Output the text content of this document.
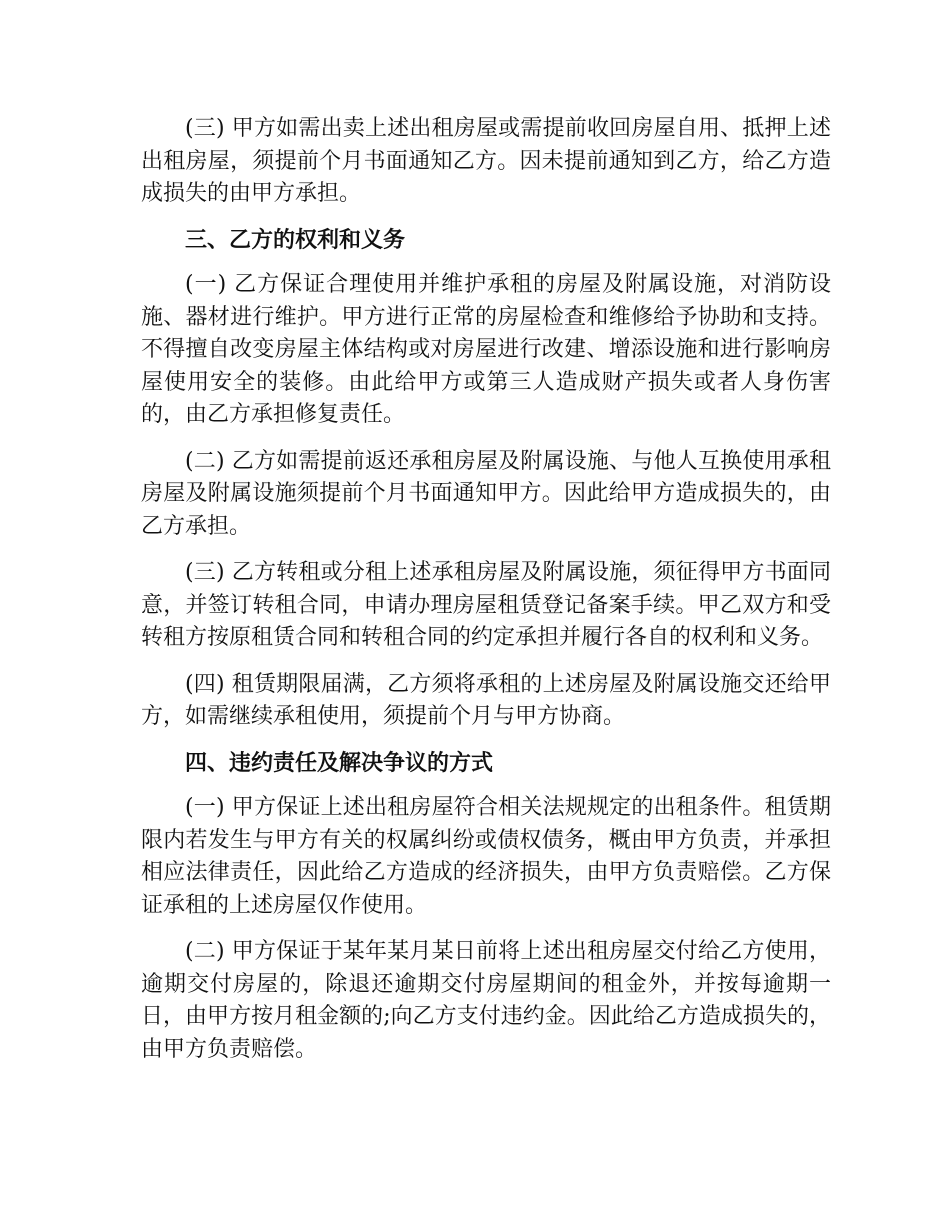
(三) 甲方如需出卖上述出租房屋或需提前收回房屋自用、抵押上述出租房屋，须提前个月书面通知乙方。因未提前通知到乙方，给乙方造成损失的由甲方承担。

三、乙方的权利和义务

(一) 乙方保证合理使用并维护承租的房屋及附属设施，对消防设施、器材进行维护。甲方进行正常的房屋检查和维修给予协助和支持。不得擅自改变房屋主体结构或对房屋进行改建、增添设施和进行影响房屋使用安全的装修。由此给甲方或第三人造成财产损失或者人身伤害的，由乙方承担修复责任。

(二) 乙方如需提前返还承租房屋及附属设施、与他人互换使用承租房屋及附属设施须提前个月书面通知甲方。因此给甲方造成损失的，由乙方承担。

(三) 乙方转租或分租上述承租房屋及附属设施，须征得甲方书面同意，并签订转租合同，申请办理房屋租赁登记备案手续。甲乙双方和受转租方按原租赁合同和转租合同的约定承担并履行各自的权利和义务。

(四) 租赁期限届满，乙方须将承租的上述房屋及附属设施交还给甲方，如需继续承租使用，须提前个月与甲方协商。

四、违约责任及解决争议的方式

(一) 甲方保证上述出租房屋符合相关法规规定的出租条件。租赁期限内若发生与甲方有关的权属纠纷或债权债务，概由甲方负责，并承担相应法律责任，因此给乙方造成的经济损失，由甲方负责赔偿。乙方保证承租的上述房屋仅作使用。

(二) 甲方保证于某年某月某日前将上述出租房屋交付给乙方使用，逾期交付房屋的，除退还逾期交付房屋期间的租金外，并按每逾期一日，由甲方按月租金额的;向乙方支付违约金。因此给乙方造成损失的，由甲方负责赔偿。
